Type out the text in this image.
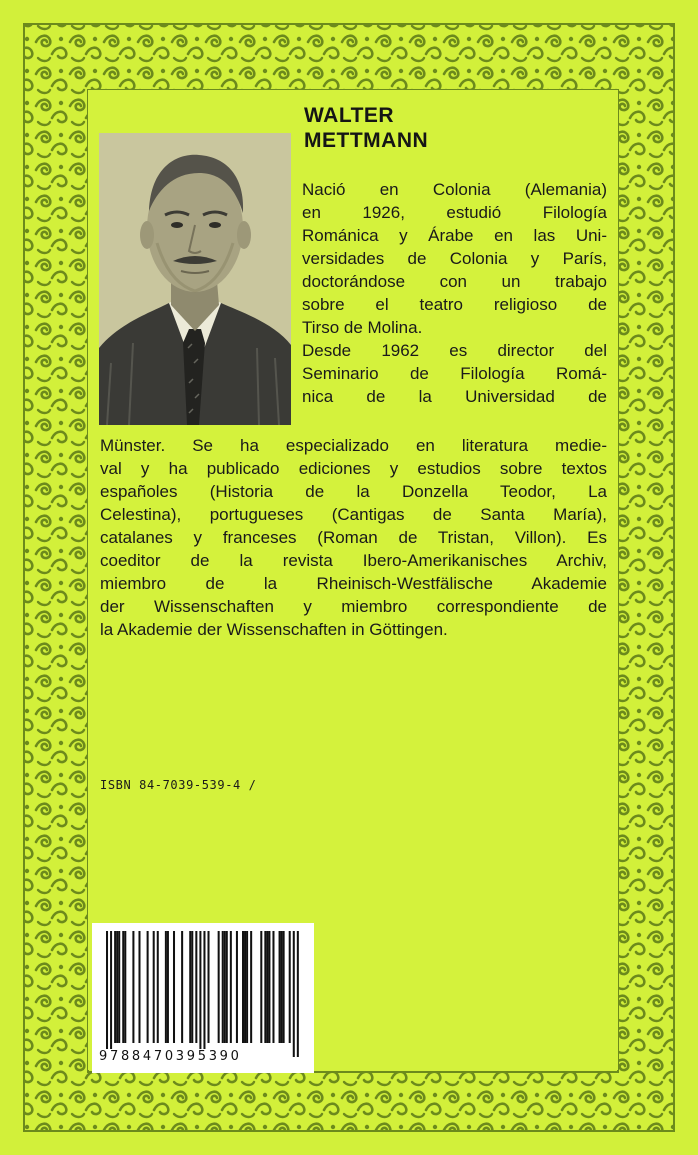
WALTER
METTMANN
Nació en Colonia (Alemania)
en 1926, estudió Filología
Románica y Árabe en las Uni-
versidades de Colonia y París,
doctorándose con un trabajo
sobre el teatro religioso de
Tirso de Molina.
Desde 1962 es director del
Seminario de Filología Romá-
nica de la Universidad de
Münster. Se ha especializado en literatura medie-
val y ha publicado ediciones y estudios sobre textos
españoles (Historia de la Donzella Teodor, La
Celestina), portugueses (Cantigas de Santa María),
catalanes y franceses (Roman de Tristan, Villon). Es
coeditor de la revista Ibero-Amerikanisches Archiv,
miembro de la Rheinisch-Westfälische Akademie
der Wissenschaften y miembro correspondiente de
la Akademie der Wissenschaften in Göttingen.
ISBN 84-7039-539-4 /
9788470395390
